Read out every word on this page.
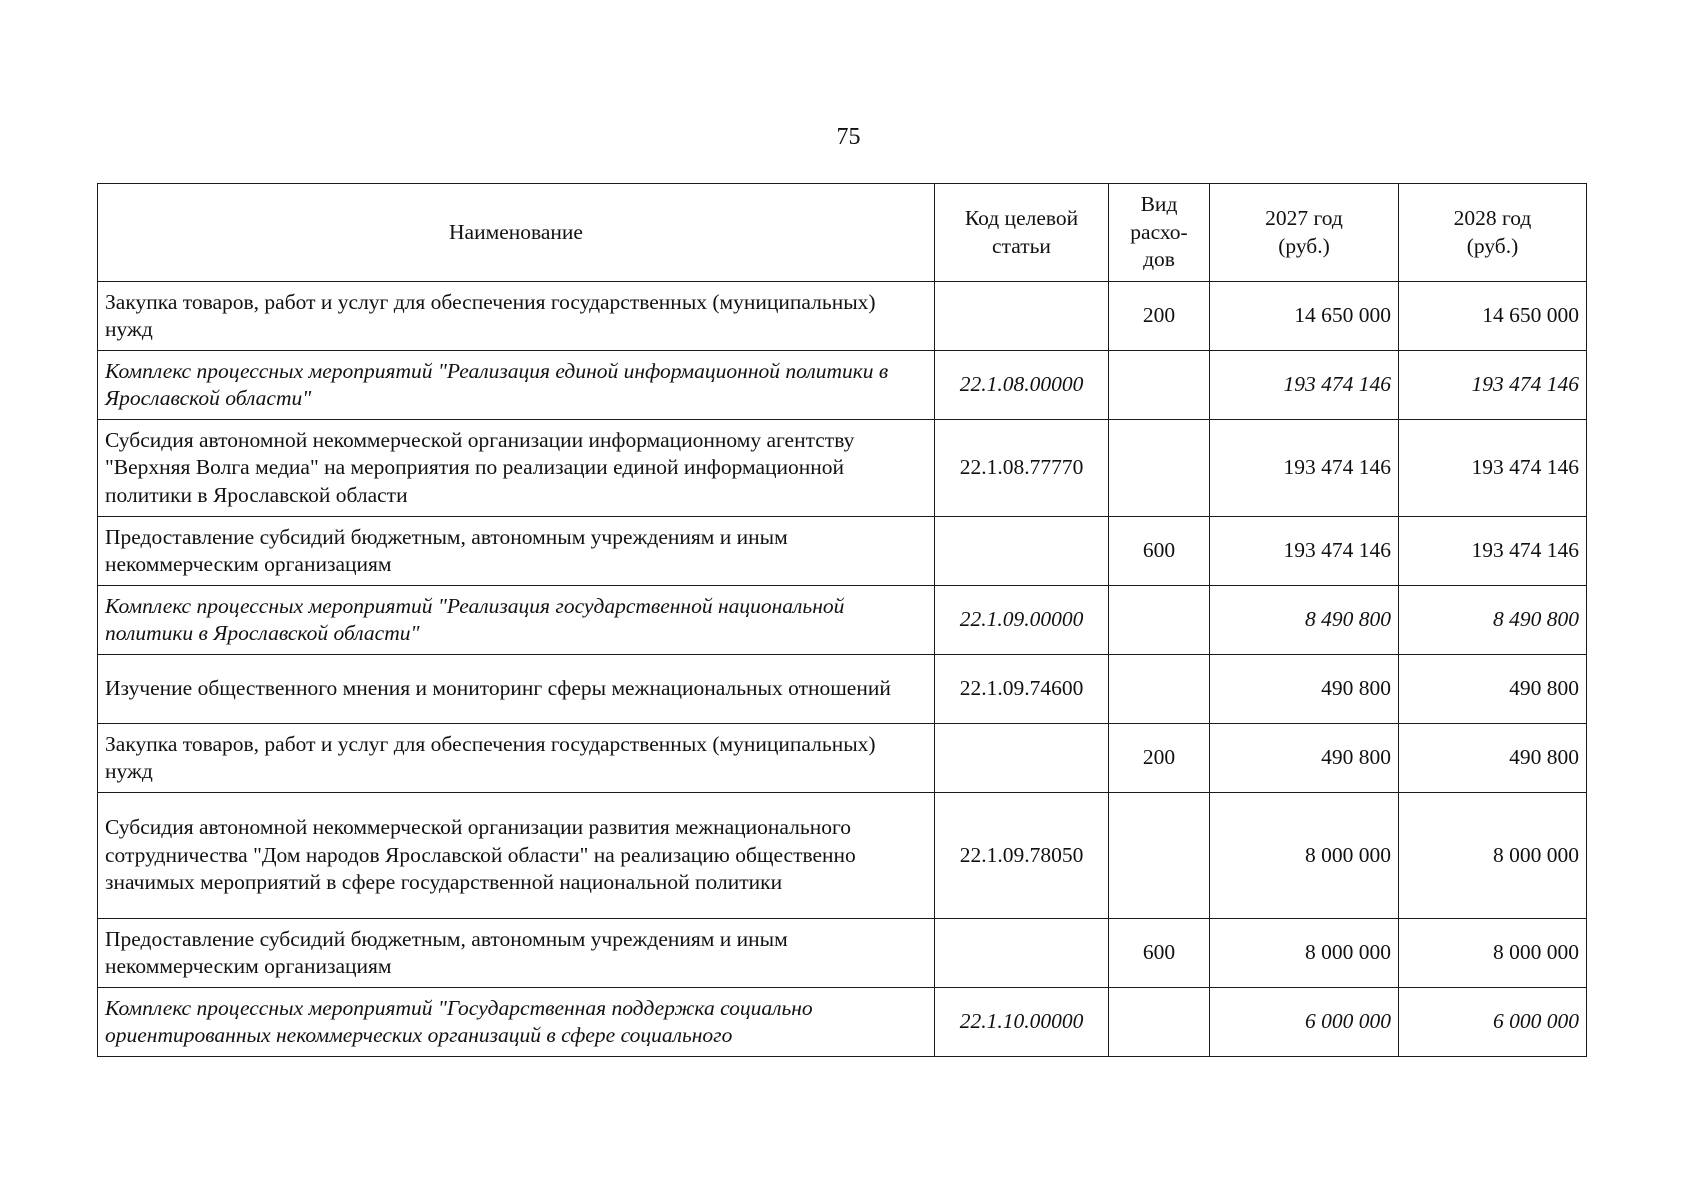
75
Наименование	Код целевой статьи	Вид расхо-дов	2027 год (руб.)	2028 год (руб.)
Закупка товаров, работ и услуг для обеспечения государственных (муниципальных) нужд		200	14 650 000	14 650 000
Комплекс процессных мероприятий "Реализация единой информационной политики в Ярославской области"	22.1.08.00000		193 474 146	193 474 146
Субсидия автономной некоммерческой организации информационному агентству "Верхняя Волга медиа" на мероприятия по реализации единой информационной политики в Ярославской области	22.1.08.77770		193 474 146	193 474 146
Предоставление субсидий бюджетным, автономным учреждениям и иным некоммерческим организациям		600	193 474 146	193 474 146
Комплекс процессных мероприятий "Реализация государственной национальной политики в Ярославской области"	22.1.09.00000		8 490 800	8 490 800
Изучение общественного мнения и мониторинг сферы межнациональных отношений	22.1.09.74600		490 800	490 800
Закупка товаров, работ и услуг для обеспечения государственных (муниципальных) нужд		200	490 800	490 800
Субсидия автономной некоммерческой организации развития межнационального сотрудничества "Дом народов Ярославской области" на реализацию общественно значимых мероприятий в сфере государственной национальной политики	22.1.09.78050		8 000 000	8 000 000
Предоставление субсидий бюджетным, автономным учреждениям и иным некоммерческим организациям		600	8 000 000	8 000 000
Комплекс процессных мероприятий "Государственная поддержка социально ориентированных некоммерческих организаций в сфере социального	22.1.10.00000		6 000 000	6 000 000
